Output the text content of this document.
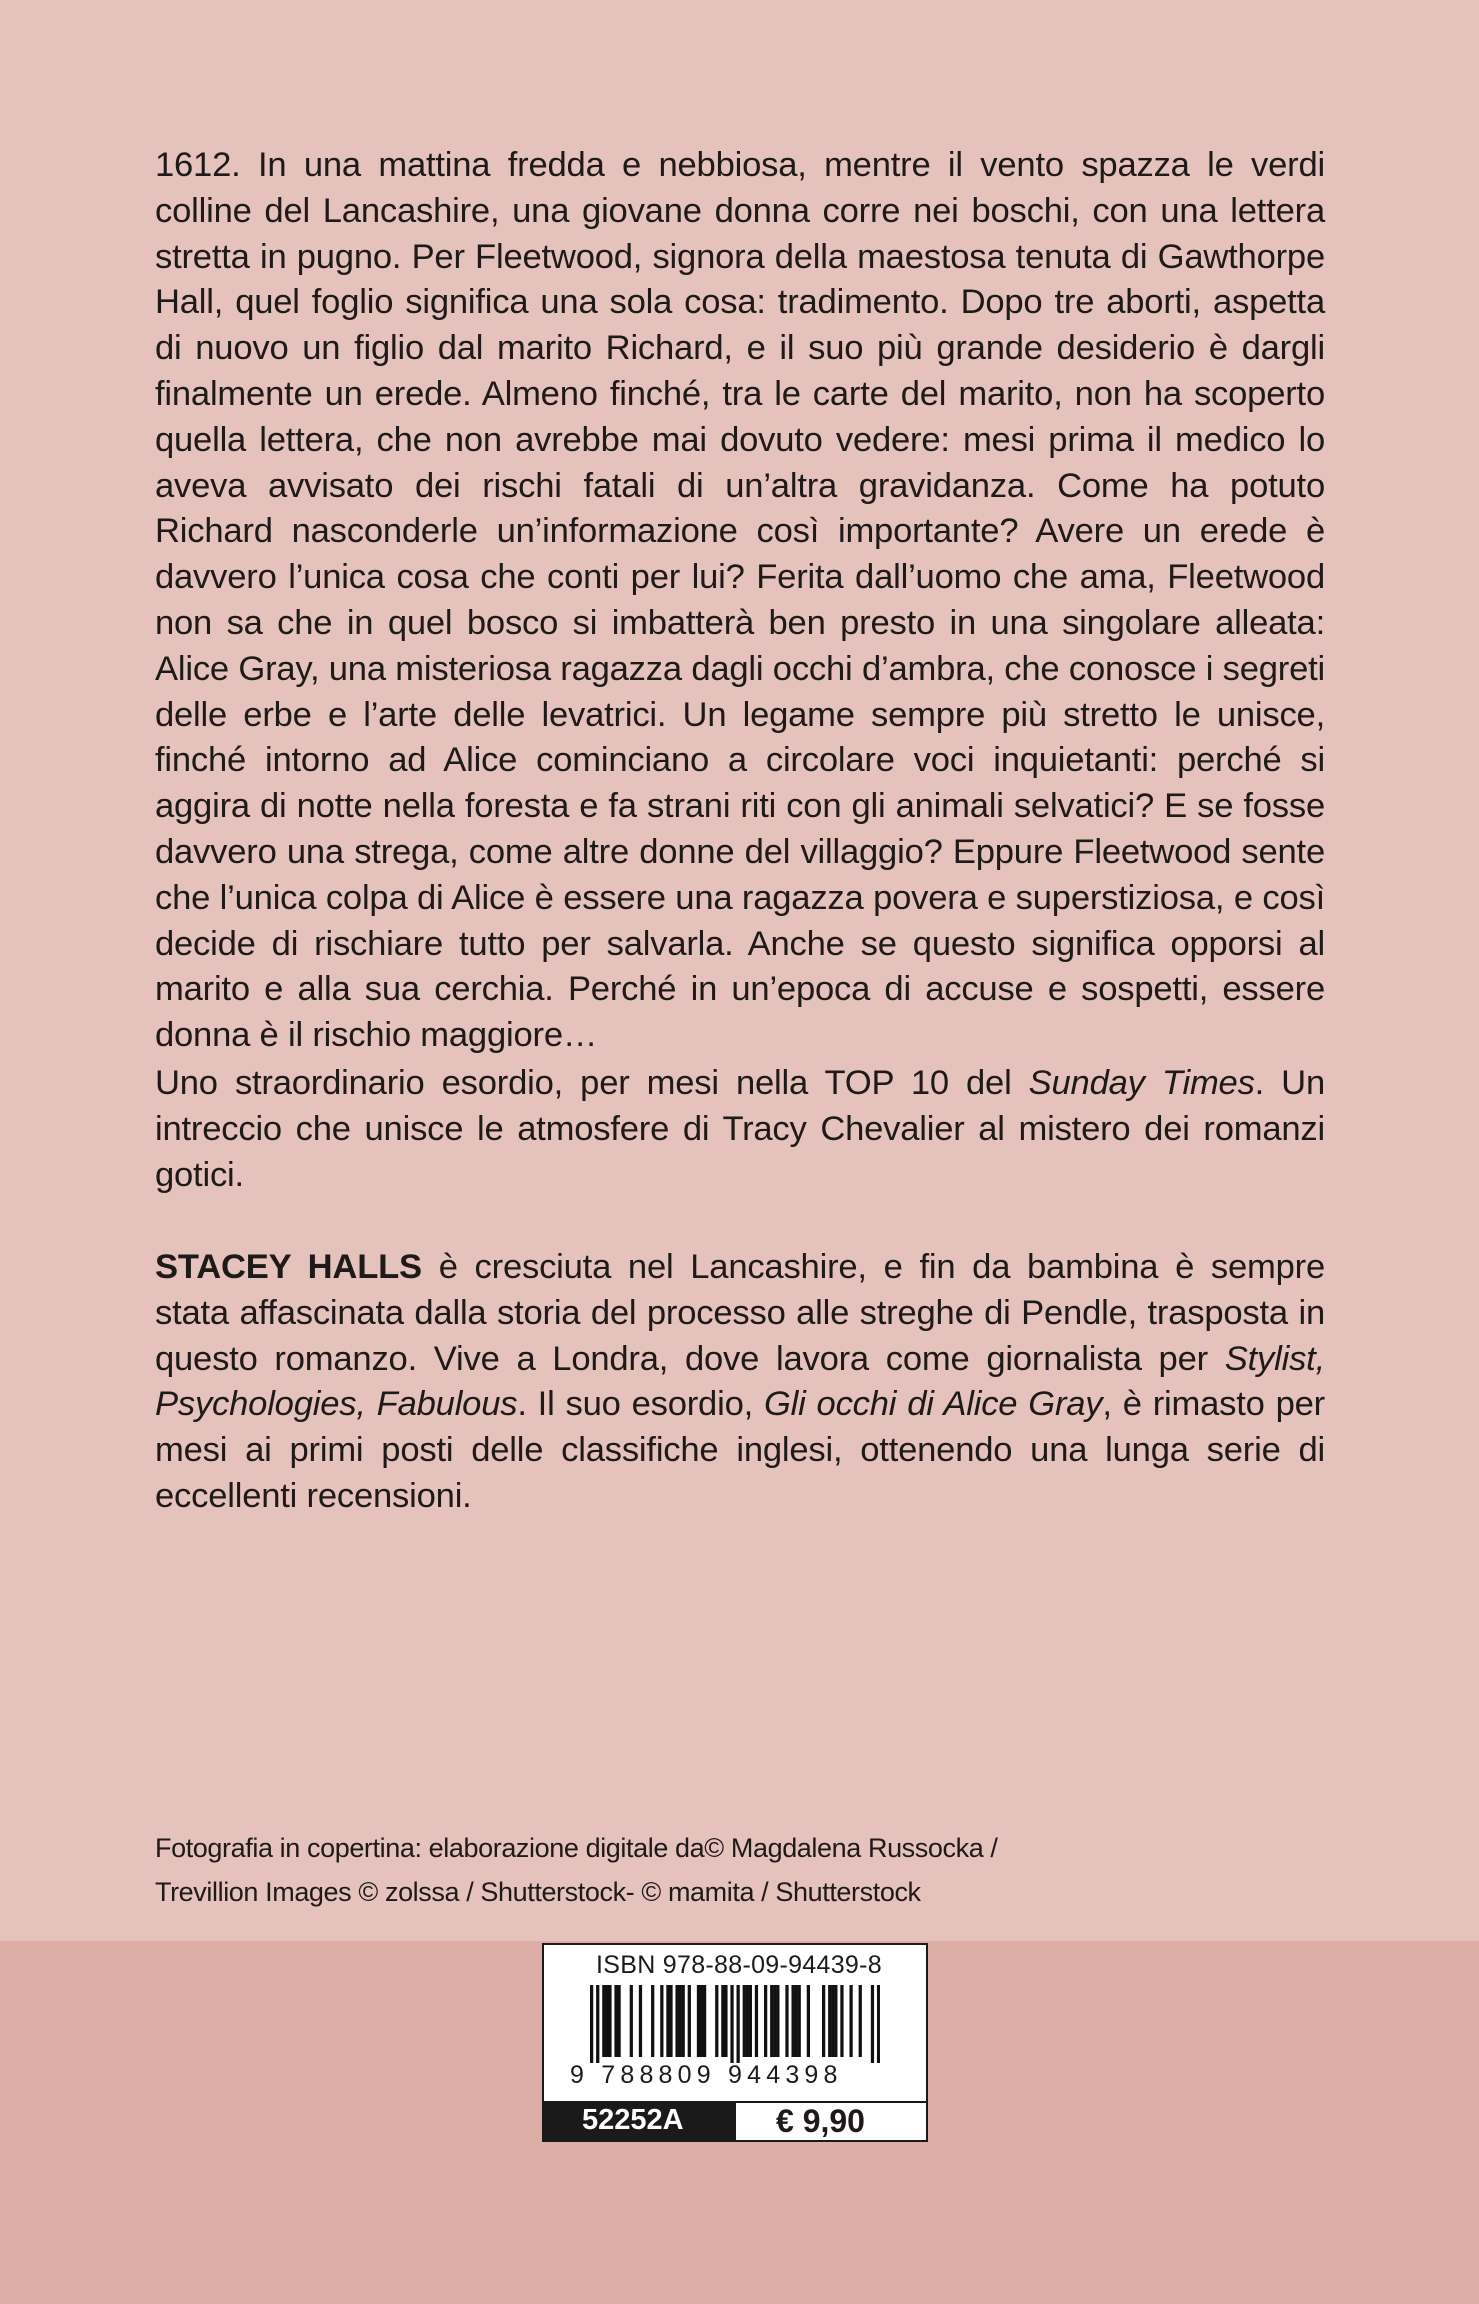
1612. In una mattina fredda e nebbiosa, mentre il vento spazza le verdi colline del Lancashire, una giovane donna corre nei boschi, con una lettera stretta in pugno. Per Fleetwood, signora della maestosa tenuta di Gawthorpe Hall, quel foglio significa una sola cosa: tradimento. Dopo tre aborti, aspetta di nuovo un figlio dal marito Richard, e il suo più grande desiderio è dargli finalmente un erede. Almeno finché, tra le carte del marito, non ha scoperto quella lettera, che non avrebbe mai dovuto vedere: mesi prima il medico lo aveva avvisato dei rischi fatali di un’altra gravidanza. Come ha potuto Richard nasconderle un’informazione così importante? Avere un erede è davvero l’unica cosa che conti per lui? Ferita dall’uomo che ama, Fleetwood non sa che in quel bosco si imbatterà ben presto in una singolare alleata: Alice Gray, una misteriosa ragazza dagli occhi d’ambra, che conosce i segreti delle erbe e l’arte delle levatrici. Un legame sempre più stretto le unisce, finché intorno ad Alice cominciano a circolare voci inquietanti: perché si aggira di notte nella foresta e fa strani riti con gli animali selvatici? E se fosse davvero una strega, come altre donne del villaggio? Eppure Fleetwood sente che l’unica colpa di Alice è essere una ragazza povera e superstiziosa, e così decide di rischiare tutto per salvarla. Anche se questo significa opporsi al marito e alla sua cerchia. Perché in un’epoca di accuse e sospetti, essere donna è il rischio maggiore…

Uno straordinario esordio, per mesi nella TOP 10 del Sunday Times. Un intreccio che unisce le atmosfere di Tracy Chevalier al mistero dei romanzi gotici.

STACEY HALLS è cresciuta nel Lancashire, e fin da bambina è sempre stata affascinata dalla storia del processo alle streghe di Pendle, trasposta in questo romanzo. Vive a Londra, dove lavora come giornalista per Stylist, Psychologies, Fabulous. Il suo esordio, Gli occhi di Alice Gray, è rimasto per mesi ai primi posti delle classifiche inglesi, ottenendo una lunga serie di eccellenti recensioni.

Fotografia in copertina: elaborazione digitale da© Magdalena Russocka /
Trevillion Images © zolssa / Shutterstock- © mamita / Shutterstock
ISBN 978-88-09-94439-8
9 788809 944398
52252A	€ 9,90
